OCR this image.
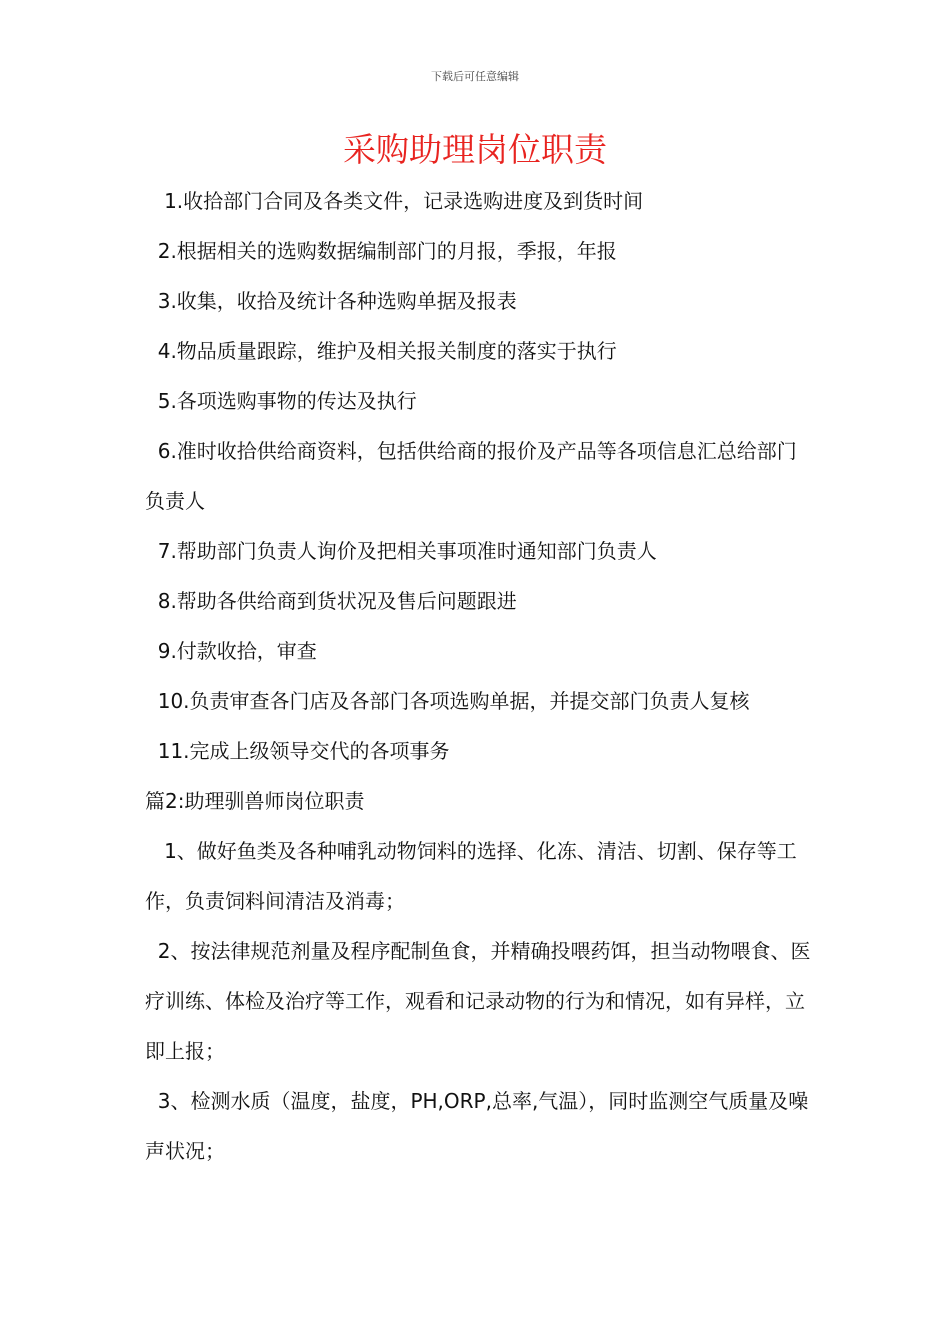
下载后可任意编辑
采购助理岗位职责

1.收拾部门合同及各类文件，记录选购进度及到货时间

2.根据相关的选购数据编制部门的月报，季报，年报

3.收集，收拾及统计各种选购单据及报表

4.物品质量跟踪，维护及相关报关制度的落实于执行

5.各项选购事物的传达及执行

6.准时收拾供给商资料，包括供给商的报价及产品等各项信息汇总给部门负责人

7.帮助部门负责人询价及把相关事项准时通知部门负责人

8.帮助各供给商到货状况及售后问题跟进

9.付款收拾，审查

10.负责审查各门店及各部门各项选购单据，并提交部门负责人复核

11.完成上级领导交代的各项事务

篇2:助理驯兽师岗位职责

1、做好鱼类及各种哺乳动物饲料的选择、化冻、清洁、切割、保存等工作，负责饲料间清洁及消毒；

2、按法律规范剂量及程序配制鱼食，并精确投喂药饵，担当动物喂食、医疗训练、体检及治疗等工作，观看和记录动物的行为和情况，如有异样，立即上报；

3、检测水质（温度，盐度，PH,ORP,总率,气温），同时监测空气质量及噪声状况；
